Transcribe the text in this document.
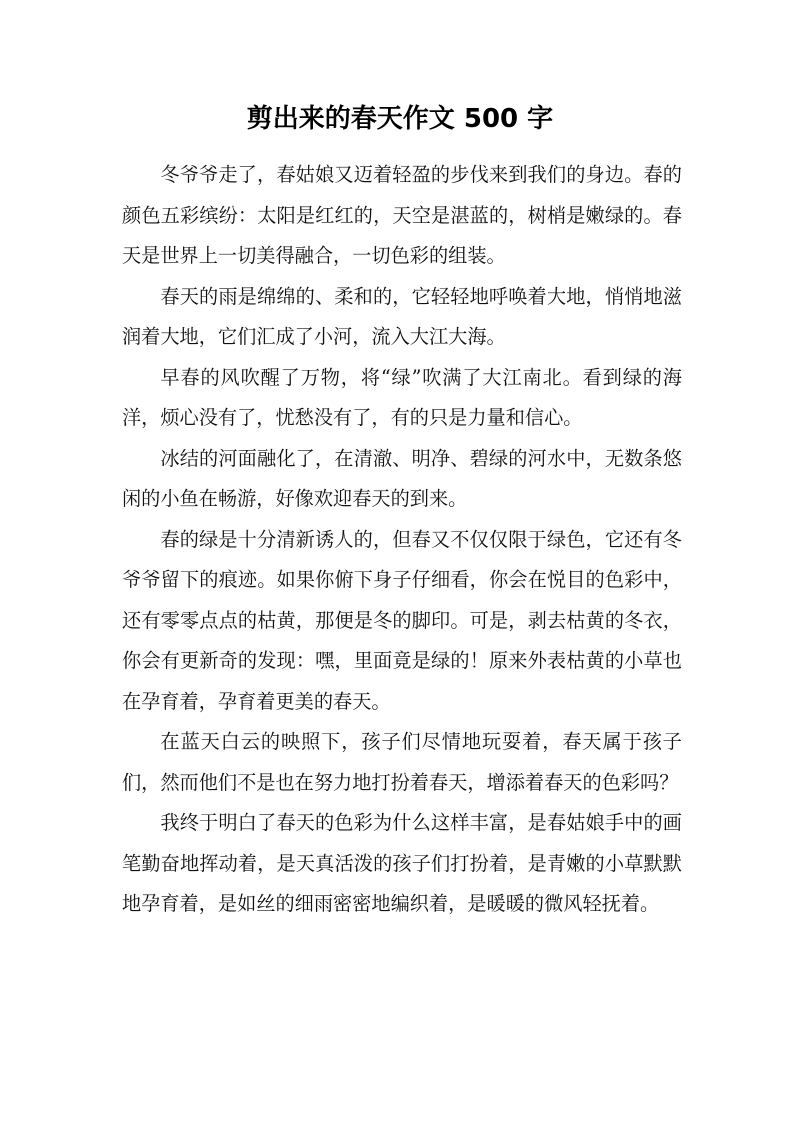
剪出来的春天作文 500 字

冬爷爷走了，春姑娘又迈着轻盈的步伐来到我们的身边。春的颜色五彩缤纷：太阳是红红的，天空是湛蓝的，树梢是嫩绿的。春天是世界上一切美得融合，一切色彩的组装。

春天的雨是绵绵的、柔和的，它轻轻地呼唤着大地，悄悄地滋润着大地，它们汇成了小河，流入大江大海。

早春的风吹醒了万物，将“绿”吹满了大江南北。看到绿的海洋，烦心没有了，忧愁没有了，有的只是力量和信心。

冰结的河面融化了，在清澈、明净、碧绿的河水中，无数条悠闲的小鱼在畅游，好像欢迎春天的到来。

春的绿是十分清新诱人的，但春又不仅仅限于绿色，它还有冬爷爷留下的痕迹。如果你俯下身子仔细看，你会在悦目的色彩中，还有零零点点的枯黄，那便是冬的脚印。可是，剥去枯黄的冬衣，你会有更新奇的发现：嘿，里面竟是绿的！原来外表枯黄的小草也在孕育着，孕育着更美的春天。

在蓝天白云的映照下，孩子们尽情地玩耍着，春天属于孩子们，然而他们不是也在努力地打扮着春天，增添着春天的色彩吗？

我终于明白了春天的色彩为什么这样丰富，是春姑娘手中的画笔勤奋地挥动着，是天真活泼的孩子们打扮着，是青嫩的小草默默地孕育着，是如丝的细雨密密地编织着，是暖暖的微风轻抚着。
